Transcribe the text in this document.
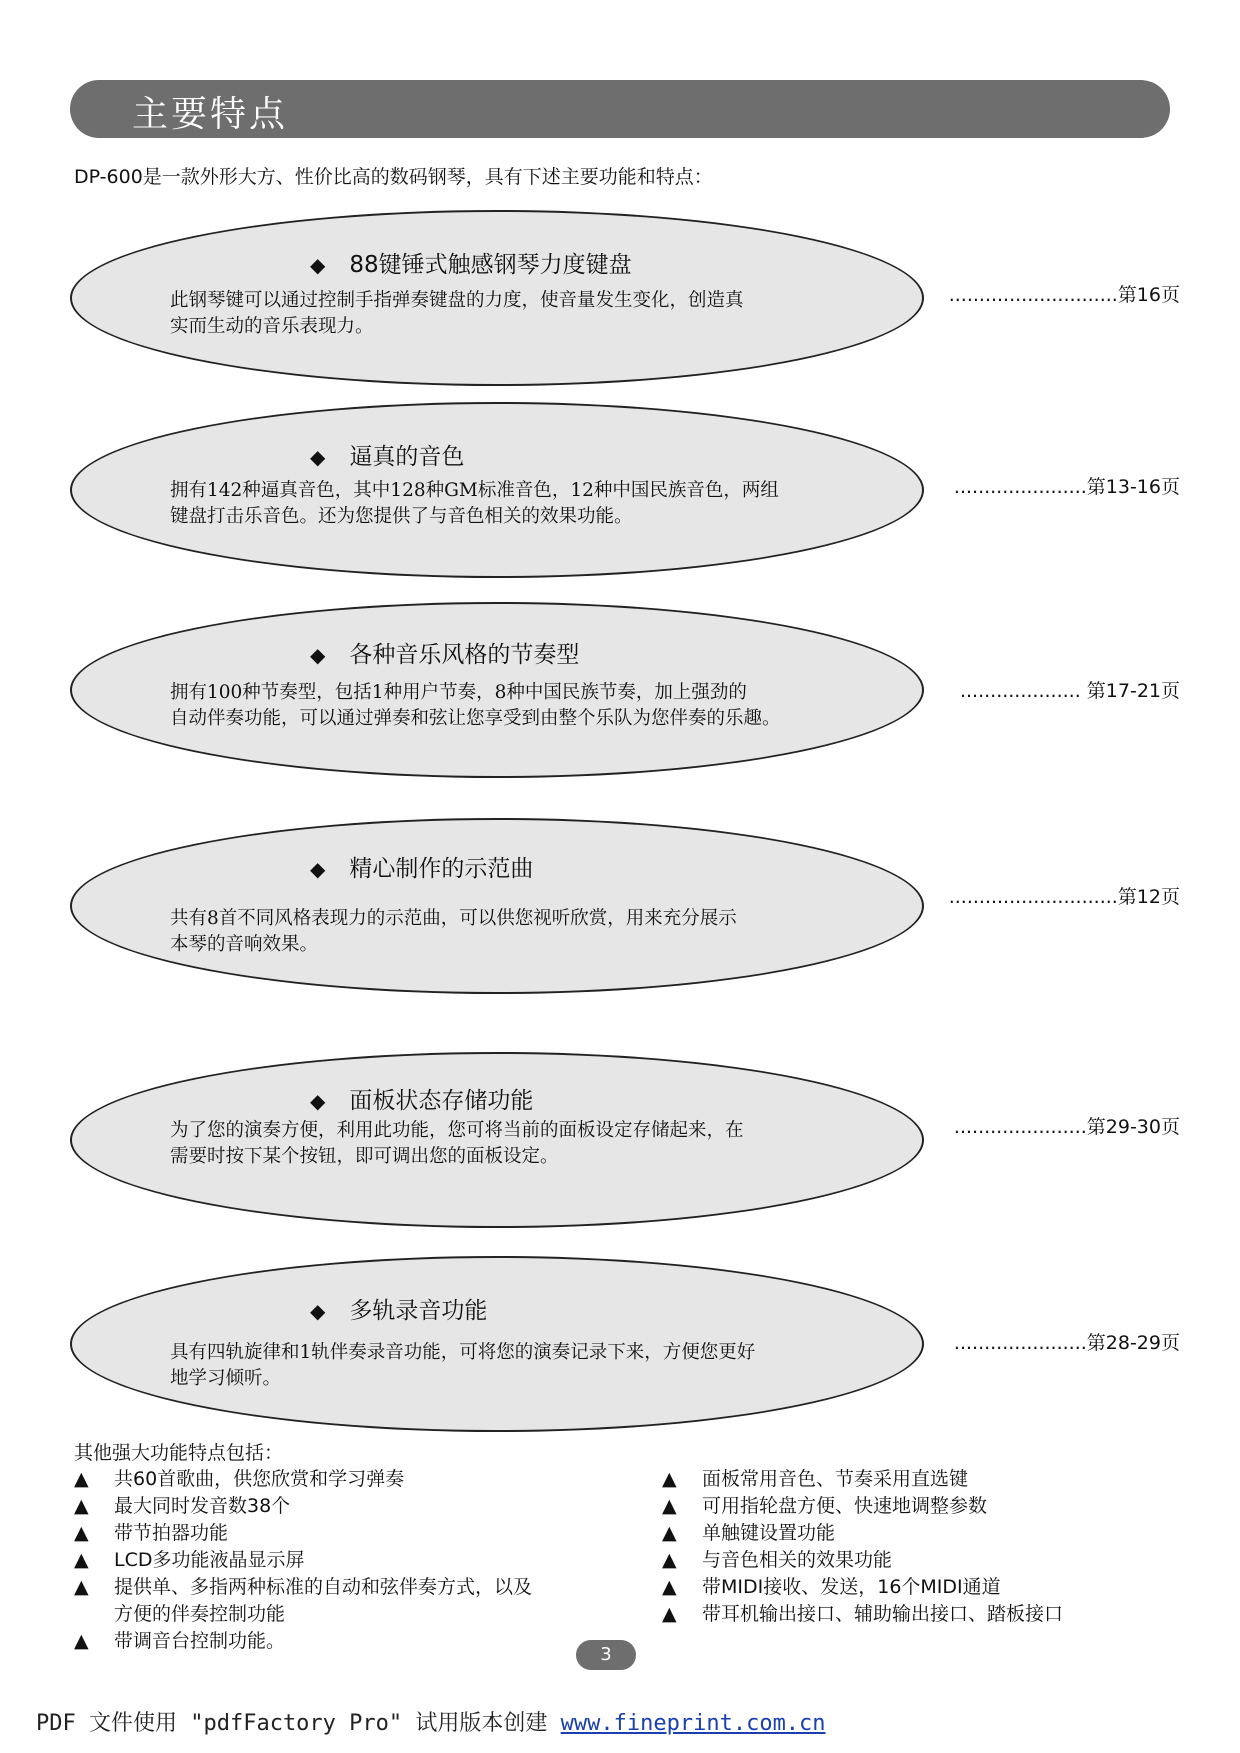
主要特点
DP-600是一款外形大方、性价比高的数码钢琴，具有下述主要功能和特点：
◆ 88键锤式触感钢琴力度键盘
此钢琴键可以通过控制手指弹奏键盘的力度，使音量发生变化，创造真
实而生动的音乐表现力。
............................第16页
◆ 逼真的音色
拥有142种逼真音色，其中128种GM标准音色，12种中国民族音色，两组
键盘打击乐音色。还为您提供了与音色相关的效果功能。
......................第13-16页
◆ 各种音乐风格的节奏型
拥有100种节奏型，包括1种用户节奏，8种中国民族节奏，加上强劲的
自动伴奏功能，可以通过弹奏和弦让您享受到由整个乐队为您伴奏的乐趣。
.................... 第17-21页
◆ 精心制作的示范曲
共有8首不同风格表现力的示范曲，可以供您视听欣赏，用来充分展示
本琴的音响效果。
............................第12页
◆ 面板状态存储功能
为了您的演奏方便，利用此功能，您可将当前的面板设定存储起来，在
需要时按下某个按钮，即可调出您的面板设定。
......................第29-30页
◆ 多轨录音功能
具有四轨旋律和1轨伴奏录音功能，可将您的演奏记录下来，方便您更好
地学习倾听。
......................第28-29页
其他强大功能特点包括：
▲ 共60首歌曲，供您欣赏和学习弹奏
▲ 最大同时发音数38个
▲ 带节拍器功能
▲ LCD多功能液晶显示屏
▲ 提供单、多指两种标准的自动和弦伴奏方式，以及
方便的伴奏控制功能
▲ 带调音台控制功能。
▲ 面板常用音色、节奏采用直选键
▲ 可用指轮盘方便、快速地调整参数
▲ 单触键设置功能
▲ 与音色相关的效果功能
▲ 带MIDI接收、发送，16个MIDI通道
▲ 带耳机输出接口、辅助输出接口、踏板接口
3
PDF 文件使用 "pdfFactory Pro" 试用版本创建 www.fineprint.com.cn
